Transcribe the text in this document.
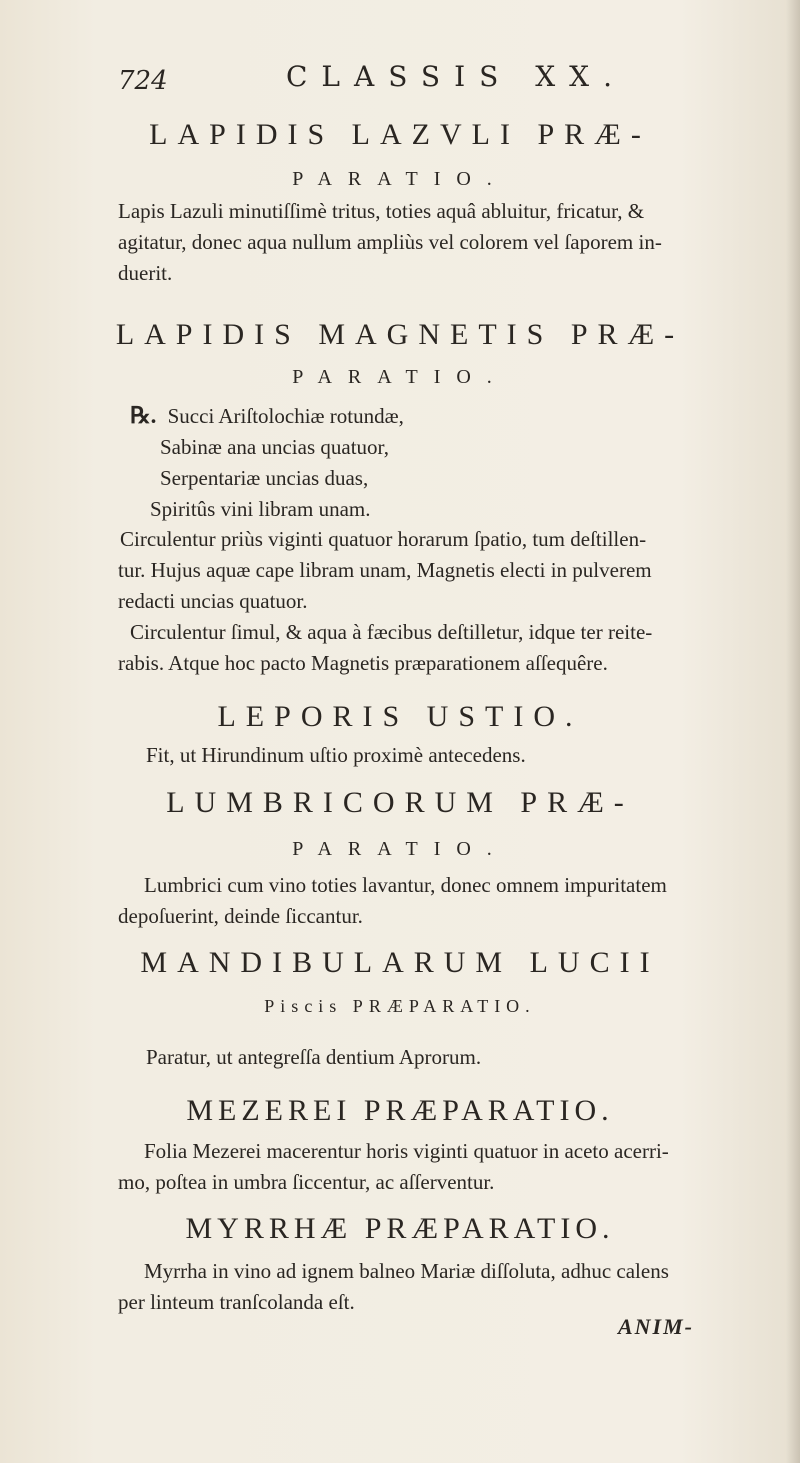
724	CLASSIS XX.
LAPIDIS LAZVLI PRÆ-
PARATIO.
Lapis Lazuli minutiſſimè tritus, toties aquâ abluitur, fricatur, &
agitatur, donec aqua nullum ampliùs vel colorem vel ſaporem in-
duerit.
LAPIDIS MAGNETIS PRÆ-
PARATIO.
℞. Succi Ariſtolochiæ rotundæ,
Sabinæ ana uncias quatuor,
Serpentariæ uncias duas,
Spiritûs vini libram unam.
Circulentur priùs viginti quatuor horarum ſpatio, tum deſtillen-
tur. Hujus aquæ cape libram unam, Magnetis electi in pulverem
redacti uncias quatuor.
Circulentur ſimul, & aqua à fæcibus deſtilletur, idque ter reite-
rabis. Atque hoc pacto Magnetis præparationem aſſequêre.
LEPORIS USTIO.
Fit, ut Hirundinum uſtio proximè antecedens.
LUMBRICORUM PRÆ-
PARATIO.
Lumbrici cum vino toties lavantur, donec omnem impuritatem
depoſuerint, deinde ſiccantur.
MANDIBULARUM LUCII
Piscis PRÆPARATIO.
Paratur, ut antegreſſa dentium Aprorum.
MEZEREI PRÆPARATIO.
Folia Mezerei macerentur horis viginti quatuor in aceto acerri-
mo, poſtea in umbra ſiccentur, ac aſſerventur.
MYRRHÆ PRÆPARATIO.
Myrrha in vino ad ignem balneo Mariæ diſſoluta, adhuc calens
per linteum tranſcolanda eſt.
ANIM-
